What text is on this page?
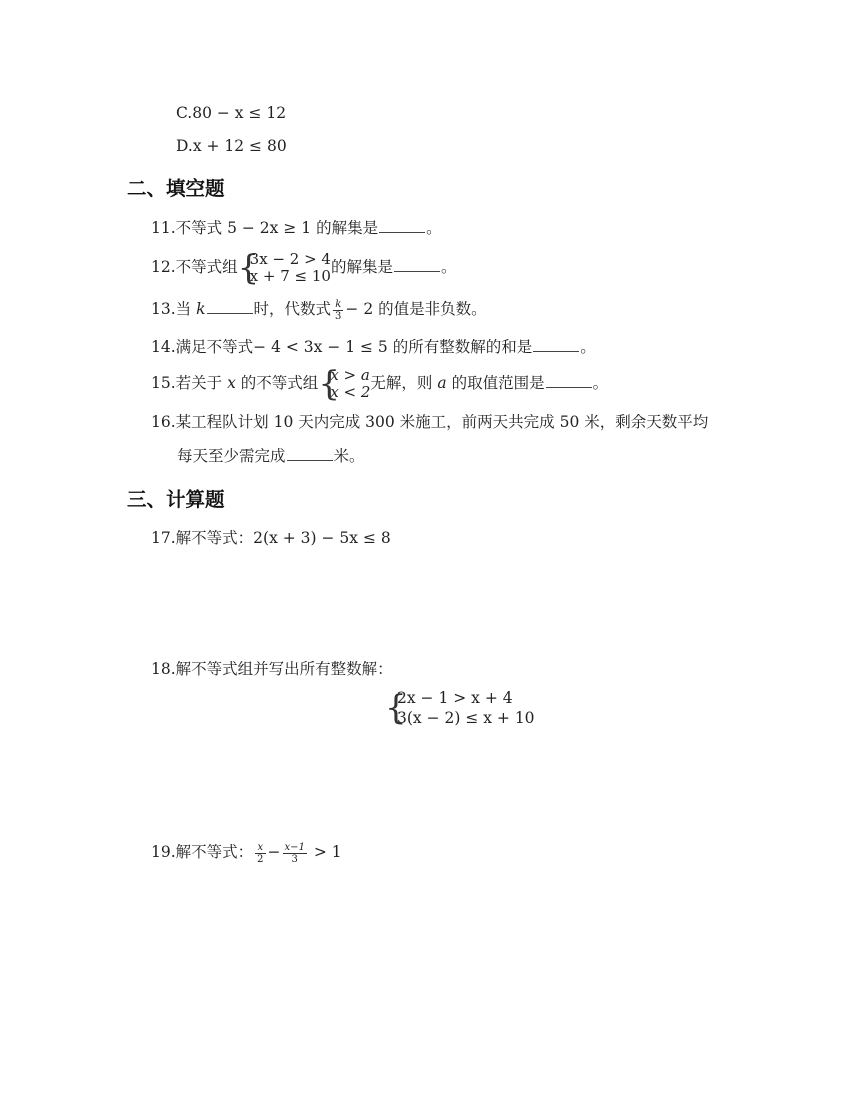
C.80 − x ≤ 12
D.x + 12 ≤ 80
二、填空题
11.不等式 5 − 2x ≥ 1 的解集是	。
12.不等式组 {
3x − 2 > 4
x + 7 ≤ 10 的解集是	。
13.当 k	时，代数式 $\frac{k}{3} - 2$ 的值是非负数。
14.满足不等式− 4 < 3x − 1 ≤ 5 的所有整数解的和是	。
15.若关于 x 的不等式组 {
x > a
x < 2 无解，则 a 的取值范围是	。
16.某工程队计划 10 天内完成 300 米施工，前两天共完成 50 米，剩余天数平均
每天至少需完成	米。
三、计算题
17.解不等式：2(x + 3) − 5x ≤ 8
18.解不等式组并写出所有整数解：
{
2x − 1 > x + 4
3(x − 2) ≤ x + 10
19.解不等式： $\frac{x}{2} - \frac{x-1}{3} > 1$
